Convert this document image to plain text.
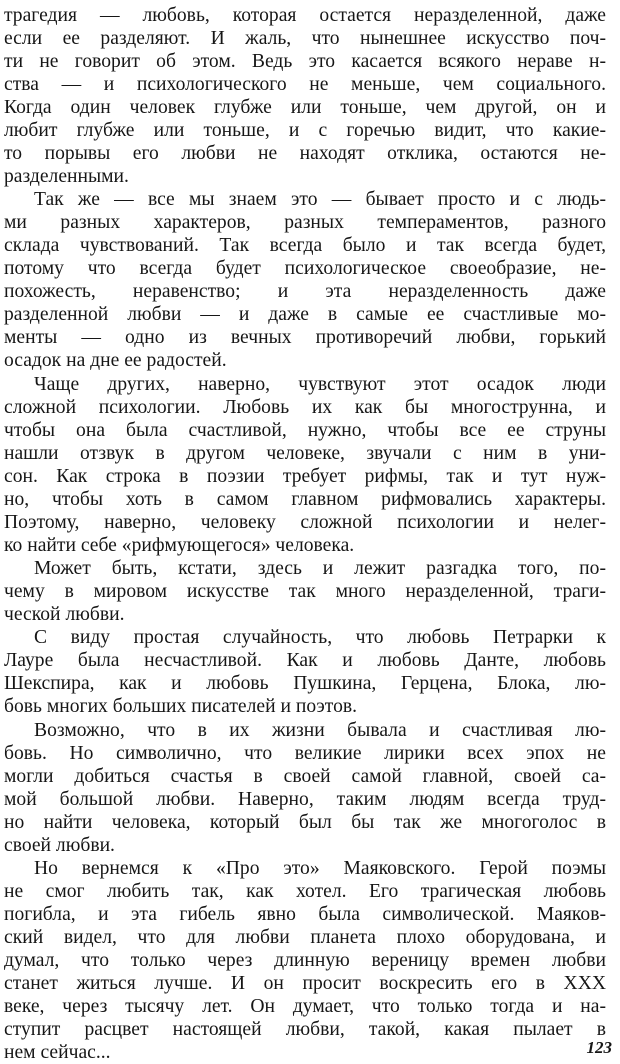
трагедия — любовь, которая остается неразделенной, даже
если ее разделяют. И жаль, что нынешнее искусство поч-
ти не говорит об этом. Ведь это касается всякого нераве н-
ства — и психологического не меньше, чем социального.
Когда один человек глубже или тоньше, чем другой, он и
любит глубже или тоньше, и с горечью видит, что какие-
то порывы его любви не находят отклика, остаются не-
разделенными.
Так же — все мы знаем это — бывает просто и с людь-
ми разных характеров, разных темпераментов, разного
склада чувствований. Так всегда было и так всегда будет,
потому что всегда будет психологическое своеобразие, не-
похожесть, неравенство; и эта неразделенность даже
разделенной любви — и даже в самые ее счастливые мо-
менты — одно из вечных противоречий любви, горький
осадок на дне ее радостей.
Чаще других, наверно, чувствуют этот осадок люди
сложной психологии. Любовь их как бы многострунна, и
чтобы она была счастливой, нужно, чтобы все ее струны
нашли отзвук в другом человеке, звучали с ним в уни-
сон. Как строка в поэзии требует рифмы, так и тут нуж-
но, чтобы хоть в самом главном рифмовались характеры.
Поэтому, наверно, человеку сложной психологии и нелег-
ко найти себе «рифмующегося» человека.
Может быть, кстати, здесь и лежит разгадка того, по-
чему в мировом искусстве так много неразделенной, траги-
ческой любви.
С виду простая случайность, что любовь Петрарки к
Лауре была несчастливой. Как и любовь Данте, любовь
Шекспира, как и любовь Пушкина, Герцена, Блока, лю-
бовь многих больших писателей и поэтов.
Возможно, что в их жизни бывала и счастливая лю-
бовь. Но символично, что великие лирики всех эпох не
могли добиться счастья в своей самой главной, своей са-
мой большой любви. Наверно, таким людям всегда труд-
но найти человека, который был бы так же многоголос в
своей любви.
Но вернемся к «Про это» Маяковского. Герой поэмы
не смог любить так, как хотел. Его трагическая любовь
погибла, и эта гибель явно была символической. Маяков-
ский видел, что для любви планета плохо оборудована, и
думал, что только через длинную вереницу времен любви
станет житься лучше. И он просит воскресить его в XXX
веке, через тысячу лет. Он думает, что только тогда и на-
ступит расцвет настоящей любви, такой, какая пылает в
нем сейчас...	123
